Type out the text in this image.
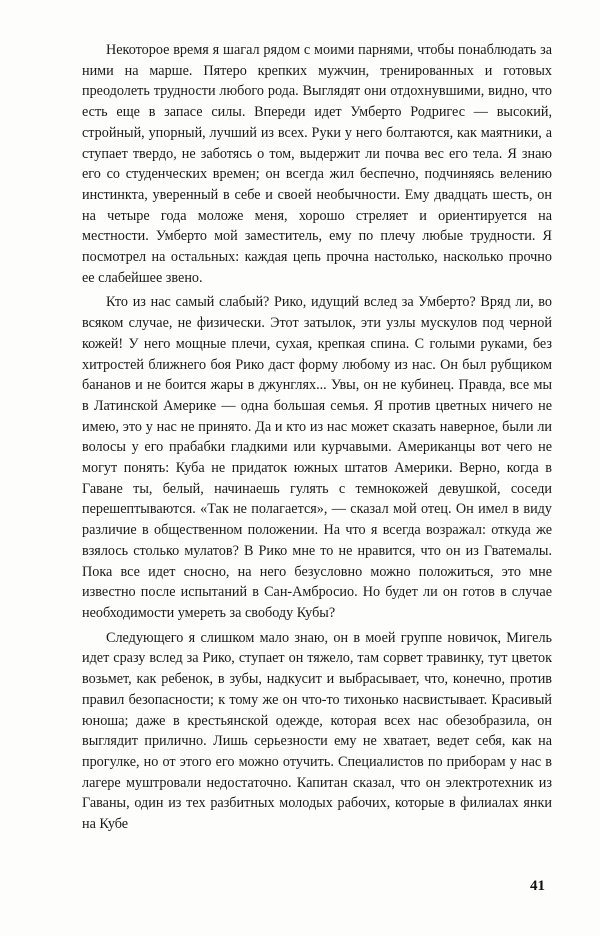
Некоторое время я шагал рядом с моими парнями, чтобы понаблюдать за ними на марше. Пятеро крепких мужчин, тренированных и готовых преодолеть трудности любого рода. Выглядят они отдохнувшими, видно, что есть еще в запасе силы. Впереди идет Умберто Родригес — высокий, стройный, упорный, лучший из всех. Руки у него болтаются, как маятники, а ступает твердо, не заботясь о том, выдержит ли почва вес его тела. Я знаю его со студенческих времен; он всегда жил беспечно, подчиняясь велению инстинкта, уверенный в себе и своей необычности. Ему двадцать шесть, он на четыре года моложе меня, хорошо стреляет и ориентируется на местности. Умберто мой заместитель, ему по плечу любые трудности. Я посмотрел на остальных: каждая цепь прочна настолько, насколько прочно ее слабейшее звено.

Кто из нас самый слабый? Рико, идущий вслед за Умберто? Вряд ли, во всяком случае, не физически. Этот затылок, эти узлы мускулов под черной кожей! У него мощные плечи, сухая, крепкая спина. С голыми руками, без хитростей ближнего боя Рико даст форму любому из нас. Он был рубщиком бананов и не боится жары в джунглях... Увы, он не кубинец. Правда, все мы в Латинской Америке — одна большая семья. Я против цветных ничего не имею, это у нас не принято. Да и кто из нас может сказать наверное, были ли волосы у его прабабки гладкими или курчавыми. Американцы вот чего не могут понять: Куба не придаток южных штатов Америки. Верно, когда в Гаване ты, белый, начинаешь гулять с темнокожей девушкой, соседи перешептываются. «Так не полагается», — сказал мой отец. Он имел в виду различие в общественном положении. На что я всегда возражал: откуда же взялось столько мулатов? В Рико мне то не нравится, что он из Гватемалы. Пока все идет сносно, на него безусловно можно положиться, это мне известно после испытаний в Сан-Амбросио. Но будет ли он готов в случае необходимости умереть за свободу Кубы?

Следующего я слишком мало знаю, он в моей группе новичок, Мигель идет сразу вслед за Рико, ступает он тяжело, там сорвет травинку, тут цветок возьмет, как ребенок, в зубы, надкусит и выбрасывает, что, конечно, против правил безопасности; к тому же он что-то тихонько насвистывает. Красивый юноша; даже в крестьянской одежде, которая всех нас обезобразила, он выглядит прилично. Лишь серьезности ему не хватает, ведет себя, как на прогулке, но от этого его можно отучить. Специалистов по приборам у нас в лагере муштровали недостаточно. Капитан сказал, что он электротехник из Гаваны, один из тех разбитных молодых рабочих, которые в филиалах янки на Кубе

41
